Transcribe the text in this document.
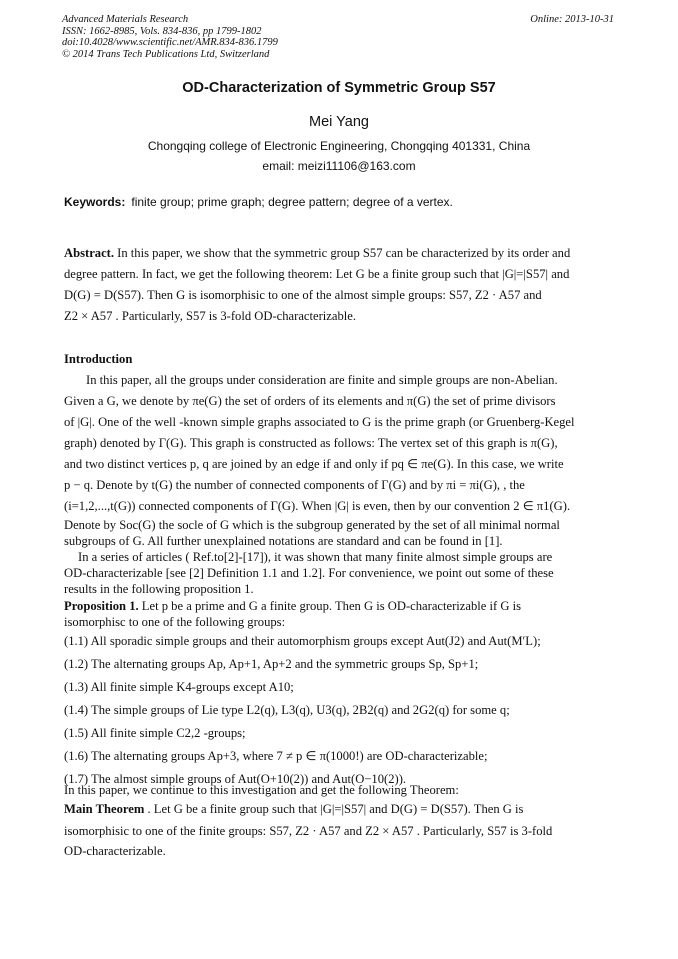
Advanced Materials Research
ISSN: 1662-8985, Vols. 834-836, pp 1799-1802
doi:10.4028/www.scientific.net/AMR.834-836.1799
© 2014 Trans Tech Publications Ltd, Switzerland
Online: 2013-10-31
OD-Characterization of Symmetric Group S57
Mei Yang
Chongqing college of Electronic Engineering, Chongqing 401331, China
email: meizi11106@163.com
Keywords: finite group; prime graph; degree pattern; degree of a vertex.
Abstract. In this paper, we show that the symmetric group S57 can be characterized by its order and
degree pattern. In fact, we get the following theorem: Let G be a finite group such that |G|=|S57| and
D(G) = D(S57). Then G is isomorphisic to one of the almost simple groups: S57, Z2 · A57 and
Z2 × A57 . Particularly, S57 is 3-fold OD-characterizable.
Introduction
In this paper, all the groups under consideration are finite and simple groups are non-Abelian.
Given a G, we denote by πe(G) the set of orders of its elements and π(G) the set of prime divisors
of |G|. One of the well -known simple graphs associated to G is the prime graph (or Gruenberg-Kegel
graph) denoted by Γ(G). This graph is constructed as follows: The vertex set of this graph is π(G),
and two distinct vertices p, q are joined by an edge if and only if pq ∈ πe(G). In this case, we write
p − q. Denote by t(G) the number of connected components of Γ(G) and by πi = πi(G), , the
(i=1,2,...,t(G)) connected components of Γ(G). When |G| is even, then by our convention 2 ∈ π1(G).
Denote by Soc(G) the socle of G which is the subgroup generated by the set of all minimal normal
subgroups of G. All further unexplained notations are standard and can be found in [1].
In a series of articles ( Ref.to[2]-[17]), it was shown that many finite almost simple groups are
OD-characterizable [see [2] Definition 1.1 and 1.2]. For convenience, we point out some of these
results in the following proposition 1.
Proposition 1. Let p be a prime and G a finite group. Then G is OD-characterizable if G is
isomorphisc to one of the following groups:
(1.1) All sporadic simple groups and their automorphism groups except Aut(J2) and Aut(M′L);
(1.2) The alternating groups Ap, Ap+1, Ap+2 and the symmetric groups Sp, Sp+1;
(1.3) All finite simple K4-groups except A10;
(1.4) The simple groups of Lie type L2(q), L3(q), U3(q), 2B2(q) and 2G2(q) for some q;
(1.5) All finite simple C2,2 -groups;
(1.6) The alternating groups Ap+3, where 7 ≠ p ∈ π(1000!) are OD-characterizable;
(1.7) The almost simple groups of Aut(O+10(2)) and Aut(O−10(2)).
In this paper, we continue to this investigation and get the following Theorem:
Main Theorem . Let G be a finite group such that |G|=|S57| and D(G) = D(S57). Then G is
isomorphisic to one of the finite groups: S57, Z2 · A57 and Z2 × A57 . Particularly, S57 is 3-fold
OD-characterizable.
